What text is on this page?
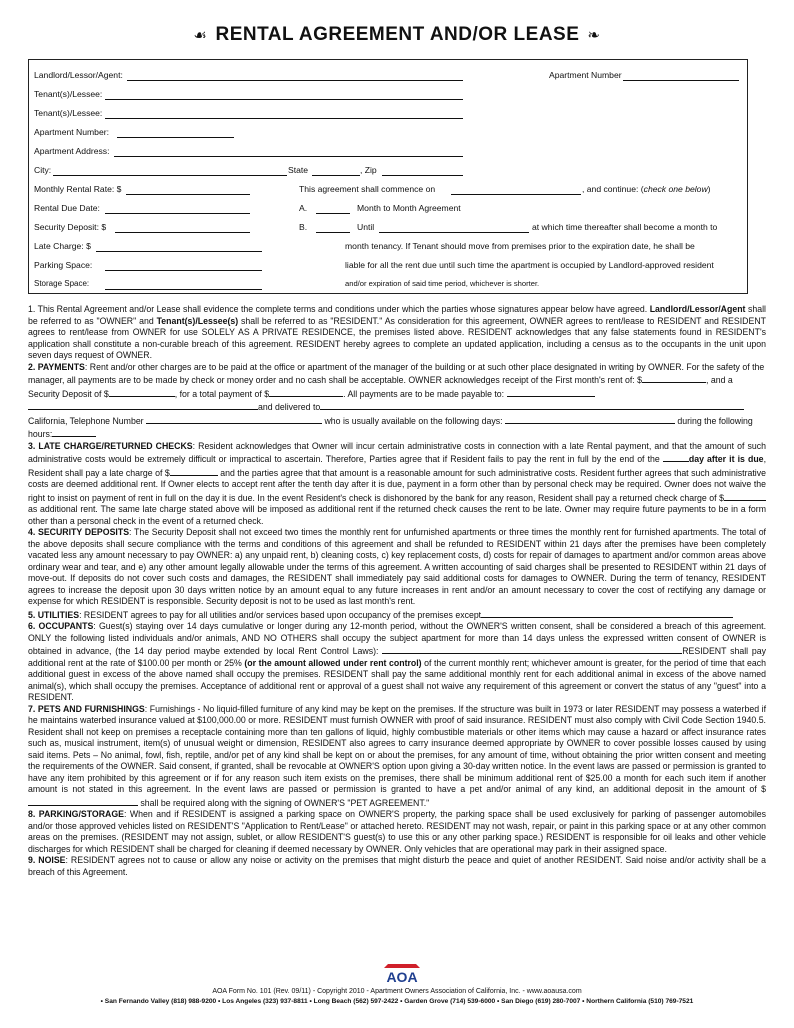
☙ RENTAL AGREEMENT AND/OR LEASE ❧
Landlord/Lessor/Agent:	Apartment Number
Tenant(s)/Lessee:
Tenant(s)/Lessee:
Apartment Number:
Apartment Address:
City:	State	, Zip
Monthly Rental Rate: $
Rental Due Date:
Security Deposit: $
Late Charge: $
Parking Space:
Storage Space:
This agreement shall commence on	, and continue: (check one below)
A.	Month to Month Agreement
B.	Until	at which time thereafter shall become a month to
month tenancy. If Tenant should move from premises prior to the expiration date, he shall be
liable for all the rent due until such time the apartment is occupied by Landlord-approved resident
and/or expiration of said time period, whichever is shorter.

1. This Rental Agreement and/or Lease shall evidence the complete terms and conditions under which the parties whose signatures appear below have agreed. Landlord/Lessor/Agent shall be referred to as "OWNER" and Tenant(s)/Lessee(s) shall be referred to as "RESIDENT." As consideration for this agreement, OWNER agrees to rent/lease to RESIDENT and RESIDENT agrees to rent/lease from OWNER for use SOLELY AS A PRIVATE RESIDENCE, the premises listed above. RESIDENT acknowledges that any false statements found in RESIDENT's application shall constitute a non-curable breach of this agreement. RESIDENT hereby agrees to complete an updated application, including a census as to the occupants in the unit upon seven days request of OWNER.

2. PAYMENTS: Rent and/or other charges are to be paid at the office or apartment of the manager of the building or at such other place designated in writing by OWNER. For the safety of the manager, all payments are to be made by check or money order and no cash shall be acceptable. OWNER acknowledges receipt of the First month's rent of: $	, and a Security Deposit of $	, for a total payment of $	. All payments are to be made payable to:
and delivered to
California, Telephone Number	who is usually available on the following days:	during the following hours:

3. LATE CHARGE/RETURNED CHECKS: Resident acknowledges that Owner will incur certain administrative costs in connection with a late Rental payment, and that the amount of such administrative costs would be extremely difficult or impractical to ascertain. Therefore, Parties agree that if Resident fails to pay the rent in full by the end of the	day after it is due, Resident shall pay a late charge of $	and the parties agree that that amount is a reasonable amount for such administrative costs. Resident further agrees that such administrative costs are deemed additional rent. If Owner elects to accept rent after the tenth day after it is due, payment in a form other than by personal check may be required. Owner does not waive the right to insist on payment of rent in full on the day it is due. In the event Resident's check is dishonored by the bank for any reason, Resident shall pay a returned check charge of $ as additional rent. The same late charge stated above will be imposed as additional rent if the returned check causes the rent to be late. Owner may require future payments to be in a form other than a personal check in the event of a returned check.

4. SECURITY DEPOSITS: The Security Deposit shall not exceed two times the monthly rent for unfurnished apartments or three times the monthly rent for furnished apartments. The total of the above deposits shall secure compliance with the terms and conditions of this agreement and shall be refunded to RESIDENT within 21 days after the premises have been completely vacated less any amount necessary to pay OWNER: a) any unpaid rent, b) cleaning costs, c) key replacement costs, d) costs for repair of damages to apartment and/or common areas above ordinary wear and tear, and e) any other amount legally allowable under the terms of this agreement. A written accounting of said charges shall be presented to RESIDENT within 21 days of move-out. If deposits do not cover such costs and damages, the RESIDENT shall immediately pay said additional costs for damages to OWNER. During the term of tenancy, RESIDENT agrees to increase the deposit upon 30 days written notice by an amount equal to any future increases in rent and/or an amount necessary to cover the cost of rectifying any damage or expense for which RESIDENT is responsible. Security deposit is not to be used as last month's rent.

5. UTILITIES: RESIDENT agrees to pay for all utilities and/or services based upon occupancy of the premises except

6. OCCUPANTS: Guest(s) staying over 14 days cumulative or longer during any 12-month period, without the OWNER'S written consent, shall be considered a breach of this agreement. ONLY the following listed individuals and/or animals, AND NO OTHERS shall occupy the subject apartment for more than 14 days unless the expressed written consent of OWNER is obtained in advance, (the 14 day period maybe extended by local Rent Control Laws):	RESIDENT shall pay additional rent at the rate of $100.00 per month or 25% (or the amount allowed under rent control) of the current monthly rent; whichever amount is greater, for the period of time that each additional guest in excess of the above named shall occupy the premises. RESIDENT shall pay the same additional monthly rent for each additional animal in excess of the above named animal(s), which shall occupy the premises. Acceptance of additional rent or approval of a guest shall not waive any requirement of this agreement or convert the status of any "guest" into a RESIDENT.

7. PETS AND FURNISHINGS: Furnishings - No liquid-filled furniture of any kind may be kept on the premises. If the structure was built in 1973 or later RESIDENT may possess a waterbed if he maintains waterbed insurance valued at $100,000.00 or more. RESIDENT must furnish OWNER with proof of said insurance. RESIDENT must also comply with Civil Code Section 1940.5. Resident shall not keep on premises a receptacle containing more than ten gallons of liquid, highly combustible materials or other items which may cause a hazard or affect insurance rates such as, musical instrument, item(s) of unusual weight or dimension, RESIDENT also agrees to carry insurance deemed appropriate by OWNER to cover possible losses caused by using said items. Pets – No animal, fowl, fish, reptile, and/or pet of any kind shall be kept on or about the premises, for any amount of time, without obtaining the prior written consent and meeting the requirements of the OWNER. Said consent, if granted, shall be revocable at OWNER'S option upon giving a 30-day written notice. In the event laws are passed or permission is granted to have any item prohibited by this agreement or if for any reason such item exists on the premises, there shall be minimum additional rent of $25.00 a month for each such item if another amount is not stated in this agreement. In the event laws are passed or permission is granted to have a pet and/or animal of any kind, an additional deposit in the amount of $ shall be required along with the signing of OWNER'S "PET AGREEMENT."

8. PARKING/STORAGE: When and if RESIDENT is assigned a parking space on OWNER'S property, the parking space shall be used exclusively for parking of passenger automobiles and/or those approved vehicles listed on RESIDENT'S "Application to Rent/Lease" or attached hereto. RESIDENT may not wash, repair, or paint in this parking space or at any other common areas on the premises. (RESIDENT may not assign, sublet, or allow RESIDENT'S guest(s) to use this or any other parking space.) RESIDENT is responsible for oil leaks and other vehicle discharges for which RESIDENT shall be charged for cleaning if deemed necessary by OWNER. Only vehicles that are operational may park in their assigned space.

9. NOISE: RESIDENT agrees not to cause or allow any noise or activity on the premises that might disturb the peace and quiet of another RESIDENT. Said noise and/or activity shall be a breach of this Agreement.

AOA
AOA Form No. 101 (Rev. 09/11) - Copyright 2010 - Apartment Owners Association of California, Inc. - www.aoausa.com
• San Fernando Valley (818) 988-9200 • Los Angeles (323) 937-8811 • Long Beach (562) 597-2422 • Garden Grove (714) 539-6000 • San Diego (619) 280-7007 • Northern California (510) 769-7521
